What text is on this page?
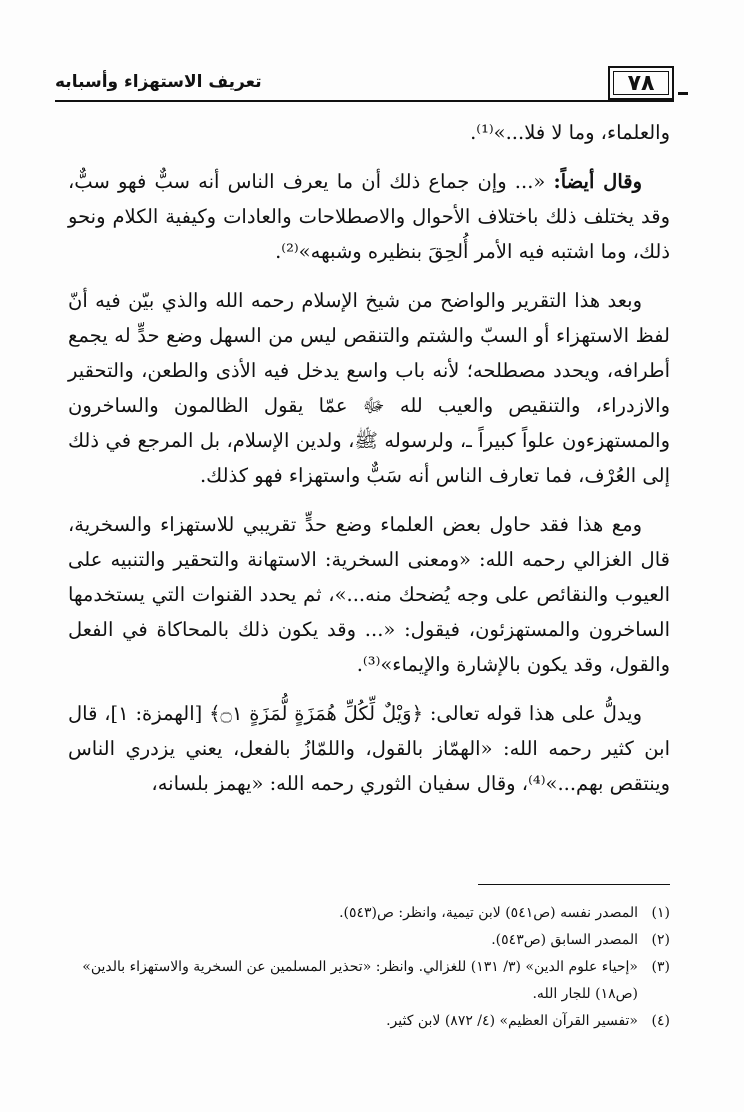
٧٨
تعريف الاستهزاء وأسبابه

والعلماء، وما لا فلا...»⁽¹⁾.

وقال أيضاً: «... وإن جماع ذلك أن ما يعرف الناس أنه سبٌّ فهو سبٌّ، وقد يختلف ذلك باختلاف الأحوال والاصطلاحات والعادات وكيفية الكلام ونحو ذلك، وما اشتبه فيه الأمر أُلحِقَ بنظيره وشبهه»⁽²⁾.

وبعد هذا التقرير والواضح من شيخ الإسلام رحمه الله والذي بيّن فيه أنّ لفظ الاستهزاء أو السبّ والشتم والتنقص ليس من السهل وضع حدٍّ له يجمع أطرافه، ويحدد مصطلحه؛ لأنه باب واسع يدخل فيه الأذى والطعن، والتحقير والازدراء، والتنقيص والعيب لله ﷻ عمّا يقول الظالمون والساخرون والمستهزءون علواً كبيراً ـ، ولرسوله ﷺ، ولدين الإسلام، بل المرجع في ذلك إلى العُرْف، فما تعارف الناس أنه سَبٌّ واستهزاء فهو كذلك.

ومع هذا فقد حاول بعض العلماء وضع حدٍّ تقريبي للاستهزاء والسخرية، قال الغزالي رحمه الله: «ومعنى السخرية: الاستهانة والتحقير والتنبيه على العيوب والنقائص على وجه يُضحك منه...»، ثم يحدد القنوات التي يستخدمها الساخرون والمستهزئون، فيقول: «... وقد يكون ذلك بالمحاكاة في الفعل والقول، وقد يكون بالإشارة والإيماء»⁽³⁾.

ويدلُّ على هذا قوله تعالى: ﴿وَيْلٌ لِّكُلِّ هُمَزَةٍ لُّمَزَةٍ ۝١﴾ [الهمزة: ١]، قال ابن كثير رحمه الله: «الهمّاز بالقول، واللمّازُ بالفعل، يعني يزدري الناس وينتقص بهم...»⁽⁴⁾، وقال سفيان الثوري رحمه الله: «يهمز بلسانه،

(١)
المصدر نفسه (ص٥٤١) لابن تيمية، وانظر: ص(٥٤٣).
(٢)
المصدر السابق (ص٥٤٣).
(٣)
«إحياء علوم الدين» (٣/ ١٣١) للغزالي. وانظر: «تحذير المسلمين عن السخرية والاستهزاء بالدين» (ص١٨) للجار الله.
(٤)
«تفسير القرآن العظيم» (٤/ ٨٧٢) لابن كثير.
